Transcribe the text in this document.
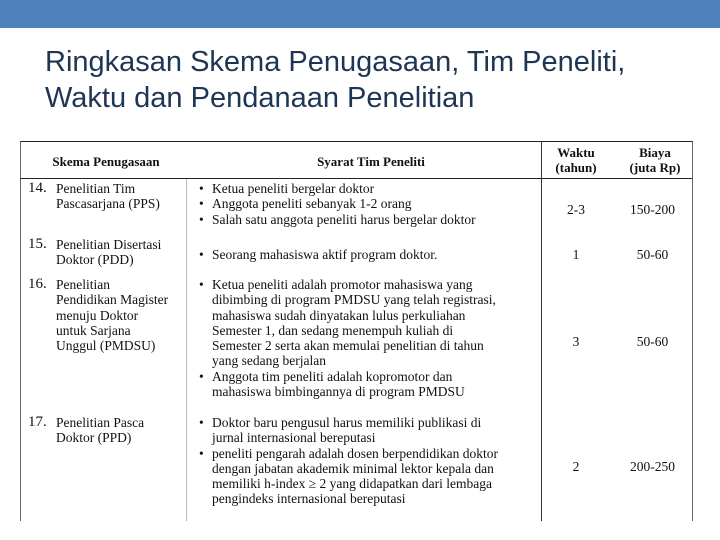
Ringkasan Skema Penugasaan, Tim Peneliti, Waktu dan Pendanaan Penelitian
Skema Penugasaan	Syarat Tim Peneliti
Waktu
(tahun)
Biaya
(juta Rp)
14. Penelitian Tim
Pascasarjana (PPS)
• Ketua peneliti bergelar doktor
• Anggota peneliti sebanyak 1-2 orang
• Salah satu anggota peneliti harus bergelar doktor
2-3	150-200
15. Penelitian Disertasi
Doktor (PDD)
•	Seorang mahasiswa aktif program doktor.	1	50-60
16. Penelitian
Pendidikan Magister
menuju Doktor
untuk Sarjana
Unggul (PMDSU)
• Ketua peneliti adalah promotor mahasiswa yang
dibimbing di program PMDSU yang telah registrasi,
mahasiswa sudah dinyatakan lulus perkuliahan
Semester 1, dan sedang menempuh kuliah di
Semester 2 serta akan memulai penelitian di tahun
yang sedang berjalan
• Anggota tim peneliti adalah kopromotor dan
mahasiswa bimbingannya di program PMDSU
3	50-60
17. Penelitian Pasca
Doktor (PPD)
• Doktor baru pengusul harus memiliki publikasi di
jurnal internasional bereputasi
• peneliti pengarah adalah dosen berpendidikan doktor
dengan jabatan akademik minimal lektor kepala dan
memiliki h-index ≥ 2 yang didapatkan dari lembaga
pengindeks internasional bereputasi
2	200-250
